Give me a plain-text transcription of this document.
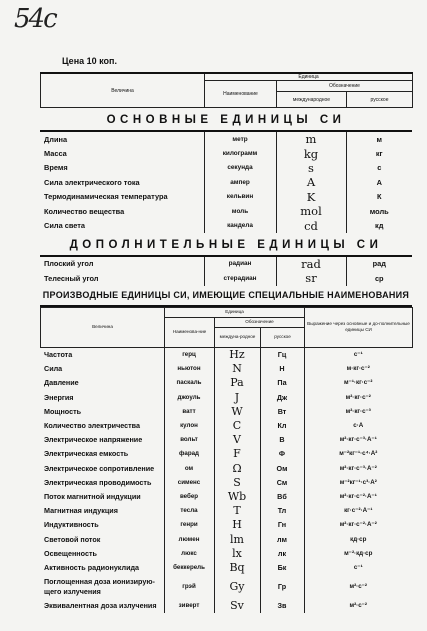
54c
Цена 10 коп.
Величина	Единица		
	Наименование	Обозначение	
		международное	русское
ОСНОВНЫЕ ЕДИНИЦЫ СИ
Длина	метр	m	м
Масса	килограмм	kg	кг
Время	секунда	s	с
Сила электрического тока	ампер	A	А
Термодинамическая температура	кельвин	K	К
Количество вещества	моль	mol	моль
Сила света	кандела	cd	кд
ДОПОЛНИТЕЛЬНЫЕ ЕДИНИЦЫ СИ
Плоский угол	радиан	rad	рад
Телесный угол	стерадиан	sr	ср
ПРОИЗВОДНЫЕ ЕДИНИЦЫ СИ, ИМЕЮЩИЕ СПЕЦИАЛЬНЫЕ НАИМЕНОВАНИЯ
Величина	Единица			Выражение через основные и до-полнительные единицы СИ
	Наименова-ние	Обозначение		
		междуна-родное	русское	
Частота	герц	Hz	Гц	с⁻¹
Сила	ньютон	N	Н	м·кг·с⁻²
Давление	паскаль	Pa	Па	м⁻¹·кг·с⁻²
Энергия	джоуль	J	Дж	м²·кг·с⁻²
Мощность	ватт	W	Вт	м²·кг·с⁻³
Количество электричества	кулон	C	Кл	с·А
Электрическое напряжение	вольт	V	В	м²·кг·с⁻³·А⁻¹
Электрическая емкость	фарад	F	Ф	м⁻²кг⁻¹·с⁴·А²
Электрическое сопротивление	ом	Ω	Ом	м²·кг·с⁻³·А⁻²
Электрическая проводимость	сименс	S	См	м⁻²кг⁻¹·с³·А²
Поток магнитной индукции	вебер	Wb	Вб	м²·кг·с⁻²·А⁻¹
Магнитная индукция	тесла	T	Тл	кг·с⁻²·А⁻¹
Индуктивность	генри	H	Гн	м²·кг·с⁻²·А⁻²
Световой поток	люмен	lm	лм	кд·ср
Освещенность	люкс	lx	лк	м⁻²·кд·ср
Активность радионуклида	беккерель	Bq	Бк	с⁻¹
Поглощенная доза ионизирую-щего излучения	грэй	Gy	Гр	м²·с⁻²
Эквивалентная доза излучения	зиверт	Sv	Зв	м²·с⁻²
